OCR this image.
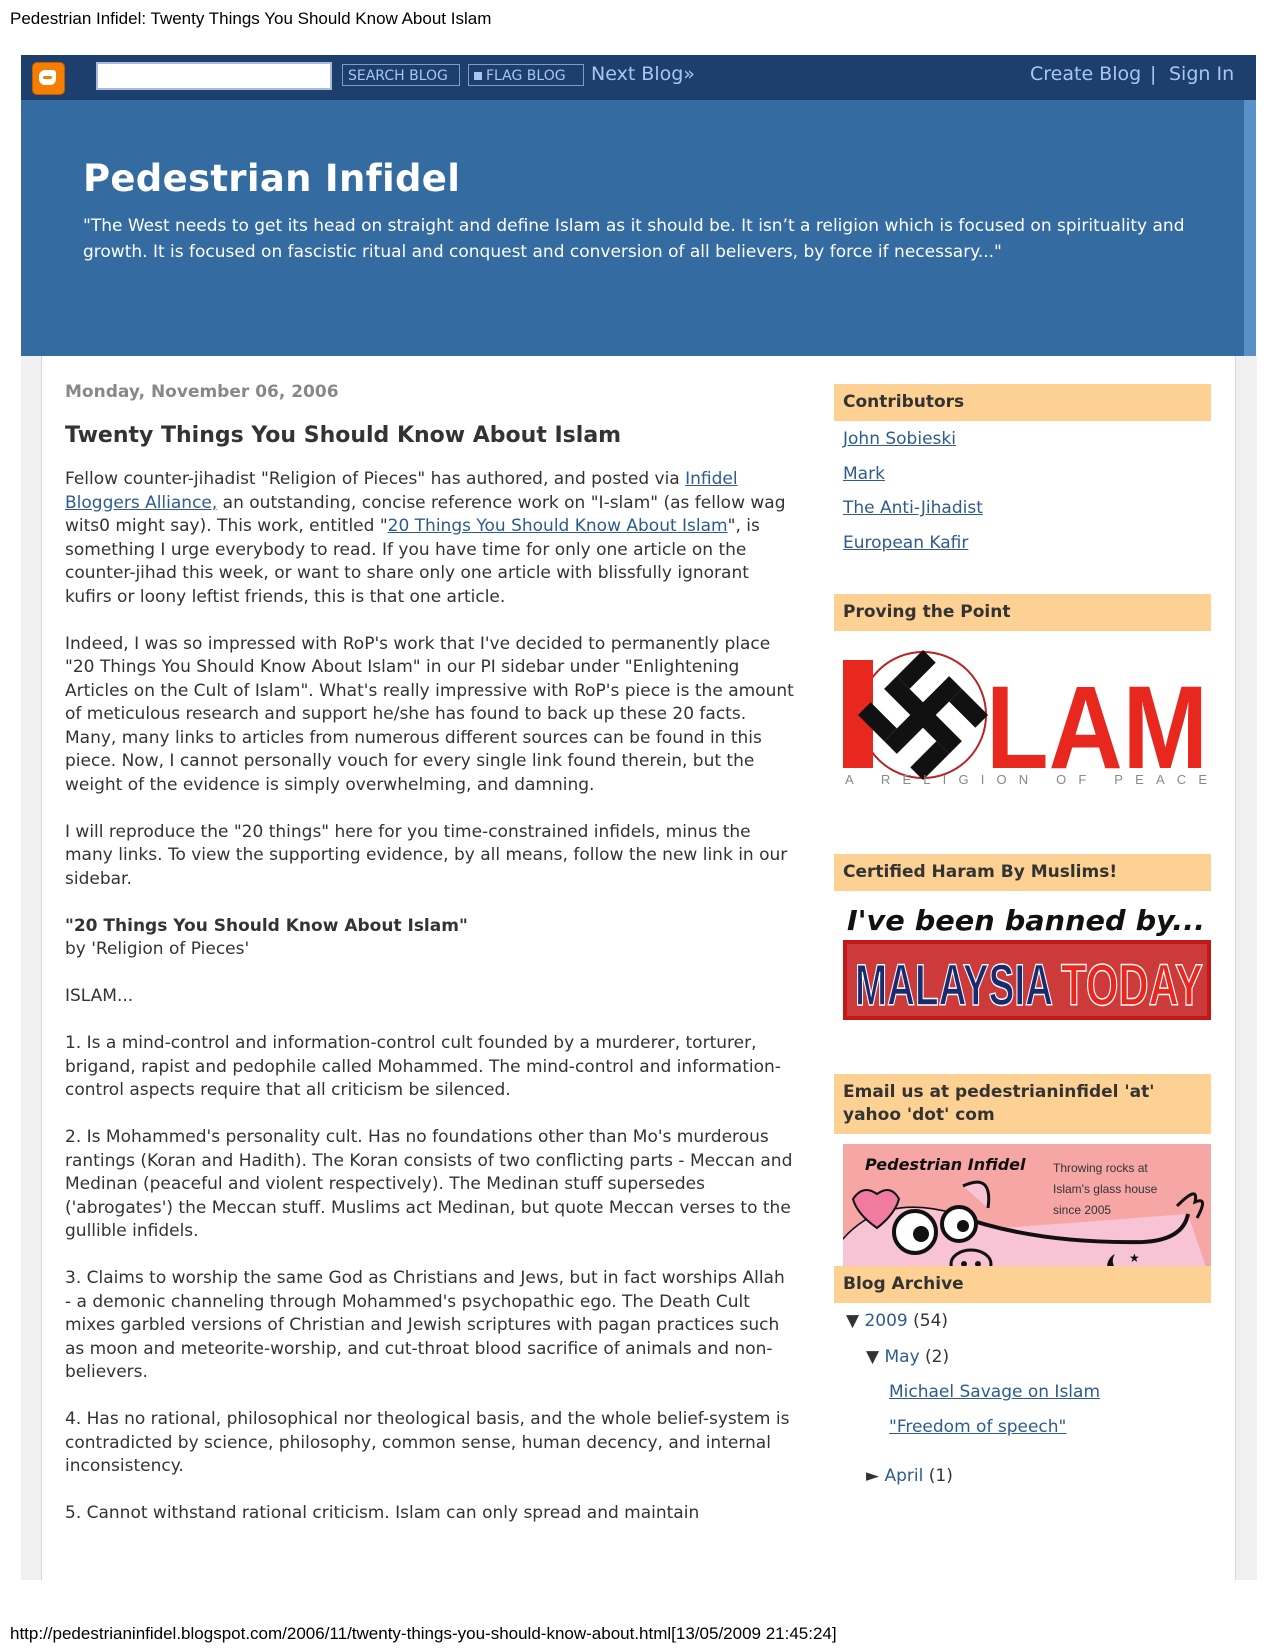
Pedestrian Infidel: Twenty Things You Should Know About Islam
SEARCH BLOG	FLAG BLOG	Next Blog»	Create Blog | Sign In
Pedestrian Infidel

"The West needs to get its head on straight and define Islam as it should be. It isn’t a religion which is focused on spirituality and growth. It is focused on fascistic ritual and conquest and conversion of all believers, by force if necessary..."

Monday, November 06, 2006
Twenty Things You Should Know About Islam

Fellow counter-jihadist "Religion of Pieces" has authored, and posted via Infidel Bloggers Alliance, an outstanding, concise reference work on "I-slam" (as fellow wag wits0 might say). This work, entitled "20 Things You Should Know About Islam", is something I urge everybody to read. If you have time for only one article on the counter-jihad this week, or want to share only one article with blissfully ignorant kufirs or loony leftist friends, this is that one article.

Indeed, I was so impressed with RoP's work that I've decided to permanently place "20 Things You Should Know About Islam" in our PI sidebar under "Enlightening Articles on the Cult of Islam". What's really impressive with RoP's piece is the amount of meticulous research and support he/she has found to back up these 20 facts. Many, many links to articles from numerous different sources can be found in this piece. Now, I cannot personally vouch for every single link found therein, but the weight of the evidence is simply overwhelming, and damning.

I will reproduce the "20 things" here for you time-constrained infidels, minus the many links. To view the supporting evidence, by all means, follow the new link in our sidebar.

"20 Things You Should Know About Islam"
by 'Religion of Pieces'

ISLAM...

1. Is a mind-control and information-control cult founded by a murderer, torturer, brigand, rapist and pedophile called Mohammed. The mind-control and information-control aspects require that all criticism be silenced.

2. Is Mohammed's personality cult. Has no foundations other than Mo's murderous rantings (Koran and Hadith). The Koran consists of two conflicting parts - Meccan and Medinan (peaceful and violent respectively). The Medinan stuff supersedes ('abrogates') the Meccan stuff. Muslims act Medinan, but quote Meccan verses to the gullible infidels.

3. Claims to worship the same God as Christians and Jews, but in fact worships Allah - a demonic channeling through Mohammed's psychopathic ego. The Death Cult mixes garbled versions of Christian and Jewish scriptures with pagan practices such as moon and meteorite-worship, and cut-throat blood sacrifice of animals and non-believers.

4. Has no rational, philosophical nor theological basis, and the whole belief-system is contradicted by science, philosophy, common sense, human decency, and internal inconsistency.

5. Cannot withstand rational criticism. Islam can only spread and maintain

Contributors
John Sobieski
Mark
The Anti-Jihadist
European Kafir
Proving the Point
LAM
A RELIGION OF PEACE
Certified Haram By Muslims!
I've been banned by...
MALAYSIA TODAY
Email us at pedestrianinfidel 'at' yahoo 'dot' com
Pedestrian Infidel Throwing rocks at
Islam's glass house
since 2005
★
Blog Archive
▼ 2009 (54)
▼ May (2)
Michael Savage on Islam
"Freedom of speech"
► April (1)
http://pedestrianinfidel.blogspot.com/2006/11/twenty-things-you-should-know-about.html[13/05/2009 21:45:24]
